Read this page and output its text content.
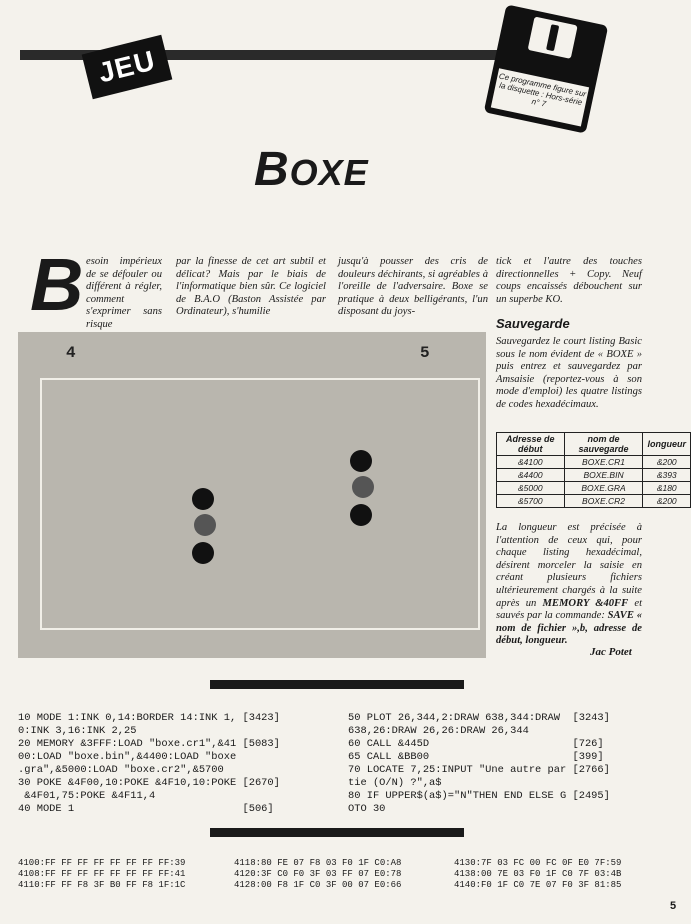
JEU	Ce programme figure sur la disquette : Hors-série n° 7
BOXE
B esoin impérieux de se défouler ou différent à régler, comment s'exprimer sans risque
par la finesse de cet art subtil et délicat? Mais par le biais de l'informatique bien sûr. Ce logiciel de B.A.O (Baston Assistée par Ordinateur), s'humilie
jusqu'à pousser des cris de douleurs déchirants, si agréables à l'oreille de l'adversaire. Boxe se pratique à deux belligérants, l'un disposant du joys-
tick et l'autre des touches directionnelles + Copy. Neuf coups encaissés débouchent sur un superbe KO.
Sauvegarde
Sauvegardez le court listing Basic sous le nom évident de « BOXE » puis entrez et sauvegardez par Amsaisie (reportez-vous à son mode d'emploi) les quatre listings de codes hexadécimaux.
4	5
Adresse de début	nom de sauvegarde	longueur
&4100	BOXE.CR1	&200
&4400	BOXE.BIN	&393
&5000	BOXE.GRA	&180
&5700	BOXE.CR2	&200
La longueur est précisée à l'attention de ceux qui, pour chaque listing hexadécimal, désirent morceler la saisie en créant plusieurs fichiers ultérieurement chargés à la suite après un MEMORY &40FF et sauvés par la commande: SAVE « nom de fichier »,b, adresse de début, longueur.
Jac Potet
10 MODE 1:INK 0,14:BORDER 14:INK 1, [3423]
0:INK 3,16:INK 2,25
20 MEMORY &3FFF:LOAD "boxe.cr1",&41 [5083]
00:LOAD "boxe.bin",&4400:LOAD "boxe
.gra",&5000:LOAD "boxe.cr2",&5700
30 POKE &4F00,10:POKE &4F10,10:POKE [2670]
&4F01,75:POKE &4F11,4
40 MODE 1                           [506]
50 PLOT 26,344,2:DRAW 638,344:DRAW  [3243]
638,26:DRAW 26,26:DRAW 26,344
60 CALL &445D                       [726]
65 CALL &BB00                       [399]
70 LOCATE 7,25:INPUT "Une autre par [2766]
tie (O/N) ?",a$
80 IF UPPER$(a$)="N"THEN END ELSE G [2495]
OTO 30
4100:FF FF FF FF FF FF FF FF:39
4108:FF FF FF FF FF FF FF FF:41
4110:FF FF F8 3F B0 FF F8 1F:1C
4118:80 FE 07 F8 03 F0 1F C0:A8
4120:3F C0 F0 3F 03 FF 07 E0:78
4128:00 F8 1F C0 3F 00 07 E0:66
4130:7F 03 FC 00 FC 0F E0 7F:59
4138:00 7E 03 F0 1F C0 7F 03:4B
4140:F0 1F C0 7E 07 F0 3F 81:85
5
